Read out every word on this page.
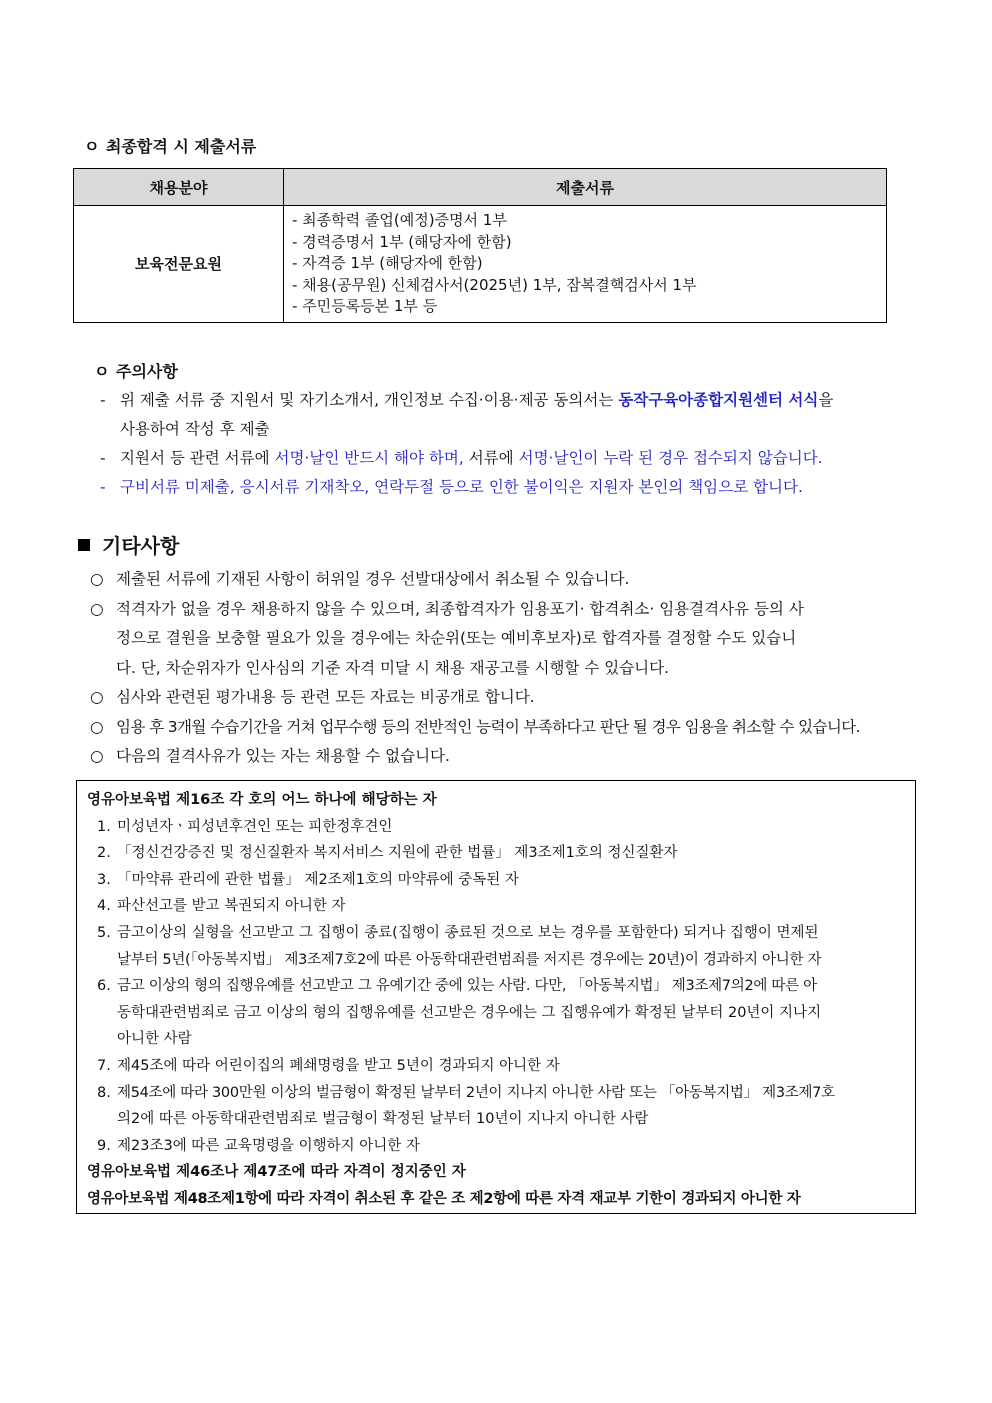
ㅇ 최종합격 시 제출서류
채용분야	제출서류
보육전문요원	- 최종학력 졸업(예정)증명서 1부
- 경력증명서 1부 (해당자에 한함)
- 자격증 1부 (해당자에 한함)
- 채용(공무원) 신체검사서(2025년) 1부, 잠복결핵검사서 1부
- 주민등록등본 1부 등
ㅇ 주의사항
- 위 제출 서류 중 지원서 및 자기소개서, 개인정보 수집·이용·제공 동의서는 동작구육아종합지원센터 서식을
사용하여 작성 후 제출
- 지원서 등 관련 서류에 서명·날인 반드시 해야 하며, 서류에 서명·날인이 누락 된 경우 접수되지 않습니다.
- 구비서류 미제출, 응시서류 기재착오, 연락두절 등으로 인한 불이익은 지원자 본인의 책임으로 합니다.
기타사항
○ 제출된 서류에 기재된 사항이 허위일 경우 선발대상에서 취소될 수 있습니다.
○ 적격자가 없을 경우 채용하지 않을 수 있으며, 최종합격자가 임용포기· 합격취소· 임용결격사유 등의 사
정으로 결원을 보충할 필요가 있을 경우에는 차순위(또는 예비후보자)로 합격자를 결정할 수도 있습니
다. 단, 차순위자가 인사심의 기준 자격 미달 시 채용 재공고를 시행할 수 있습니다.
○ 심사와 관련된 평가내용 등 관련 모든 자료는 비공개로 합니다.
○ 임용 후 3개월 수습기간을 거쳐 업무수행 등의 전반적인 능력이 부족하다고 판단 될 경우 임용을 취소할 수 있습니다.
○ 다음의 결격사유가 있는 자는 채용할 수 없습니다.
영유아보육법 제16조 각 호의 어느 하나에 해당하는 자
1. 미성년자ㆍ피성년후견인 또는 피한정후견인
2. 「정신건강증진 및 정신질환자 복지서비스 지원에 관한 법률」 제3조제1호의 정신질환자
3. 「마약류 관리에 관한 법률」 제2조제1호의 마약류에 중독된 자
4. 파산선고를 받고 복권되지 아니한 자
5. 금고이상의 실형을 선고받고 그 집행이 종료(집행이 종료된 것으로 보는 경우를 포함한다) 되거나 집행이 면제된
날부터 5년(「아동복지법」 제3조제7호2에 따른 아동학대관련범죄를 저지른 경우에는 20년)이 경과하지 아니한 자
6. 금고 이상의 형의 집행유예를 선고받고 그 유예기간 중에 있는 사람. 다만, 「아동복지법」 제3조제7의2에 따른 아
동학대관련범죄로 금고 이상의 형의 집행유예를 선고받은 경우에는 그 집행유예가 확정된 날부터 20년이 지나지
아니한 사람
7. 제45조에 따라 어린이집의 폐쇄명령을 받고 5년이 경과되지 아니한 자
8. 제54조에 따라 300만원 이상의 벌금형이 확정된 날부터 2년이 지나지 아니한 사람 또는 「아동복지법」 제3조제7호
의2에 따른 아동학대관련범죄로 벌금형이 확정된 날부터 10년이 지나지 아니한 사람
9. 제23조3에 따른 교육명령을 이행하지 아니한 자
영유아보육법 제46조나 제47조에 따라 자격이 정지중인 자
영유아보육법 제48조제1항에 따라 자격이 취소된 후 같은 조 제2항에 따른 자격 재교부 기한이 경과되지 아니한 자
